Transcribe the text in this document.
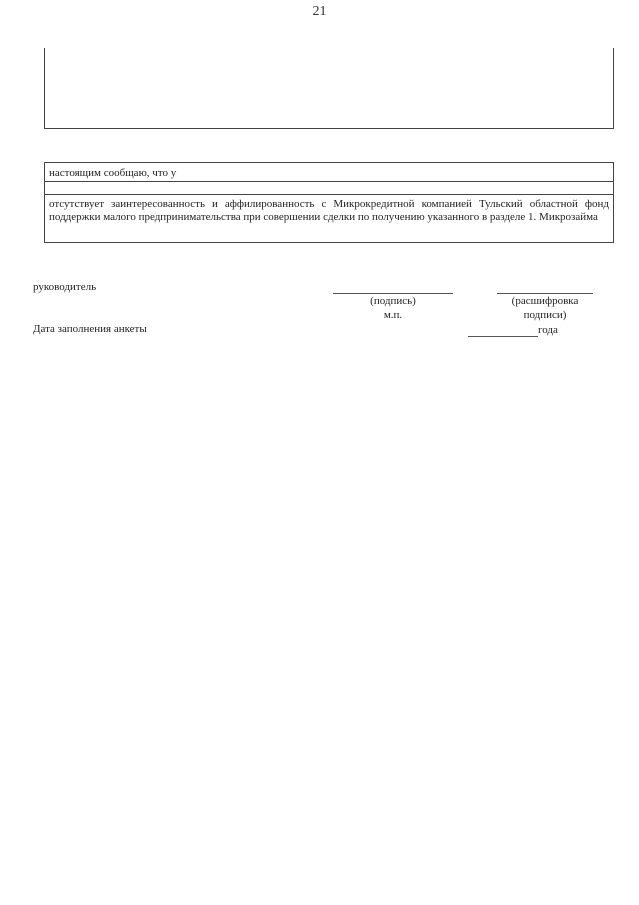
21
настоящим сообщаю, что у
отсутствует заинтересованность и аффилированность с Микрокредитной компанией Тульский областной фонд поддержки малого предпринимательства при совершении сделки по получению указанного в разделе 1. Микрозайма
руководитель
(подпись)
м.п.
(расшифровка
подписи)
Дата заполнения анкеты	года
